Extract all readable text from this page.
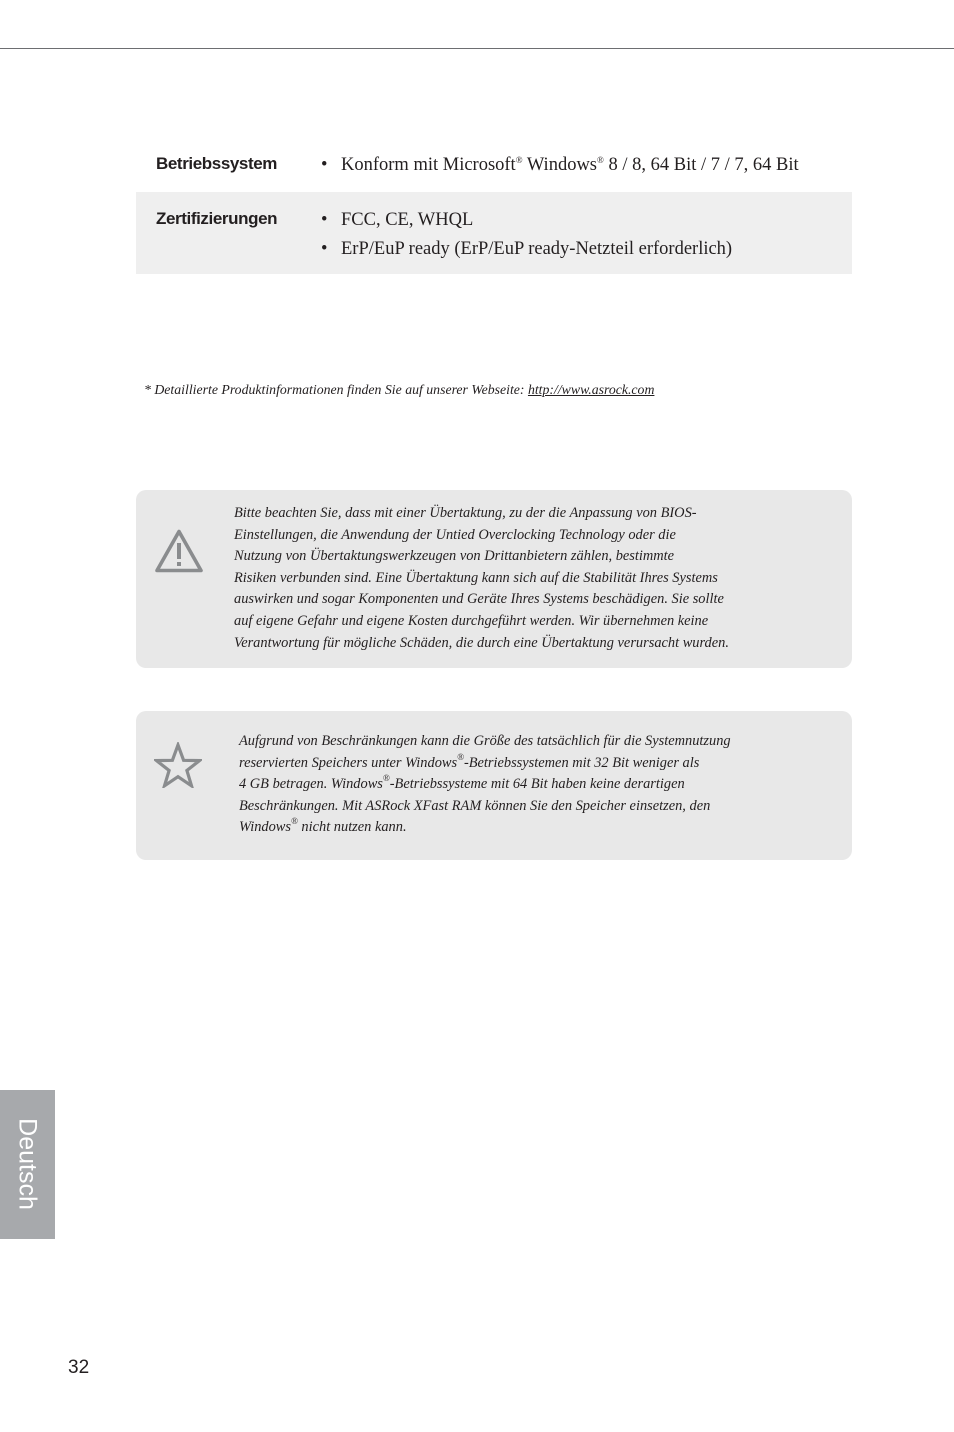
Betriebssystem	• Konform mit Microsoft® Windows® 8 / 8, 64 Bit / 7 / 7, 64 Bit
Zertifizierungen	• FCC, CE, WHQL
• ErP/EuP ready (ErP/EuP ready-Netzteil erforderlich)
* Detaillierte Produktinformationen finden Sie auf unserer Webseite: http://www.asrock.com
Bitte beachten Sie, dass mit einer Übertaktung, zu der die Anpassung von BIOS-
Einstellungen, die Anwendung der Untied Overclocking Technology oder die
Nutzung von Übertaktungswerkzeugen von Drittanbietern zählen, bestimmte
Risiken verbunden sind. Eine Übertaktung kann sich auf die Stabilität Ihres Systems
auswirken und sogar Komponenten und Geräte Ihres Systems beschädigen. Sie sollte
auf eigene Gefahr und eigene Kosten durchgeführt werden. Wir übernehmen keine
Verantwortung für mögliche Schäden, die durch eine Übertaktung verursacht wurden.
Aufgrund von Beschränkungen kann die Größe des tatsächlich für die Systemnutzung
reservierten Speichers unter Windows®-Betriebssystemen mit 32 Bit weniger als
4 GB betragen. Windows®-Betriebssysteme mit 64 Bit haben keine derartigen
Beschränkungen. Mit ASRock XFast RAM können Sie den Speicher einsetzen, den
Windows® nicht nutzen kann.
Deutsch
32
